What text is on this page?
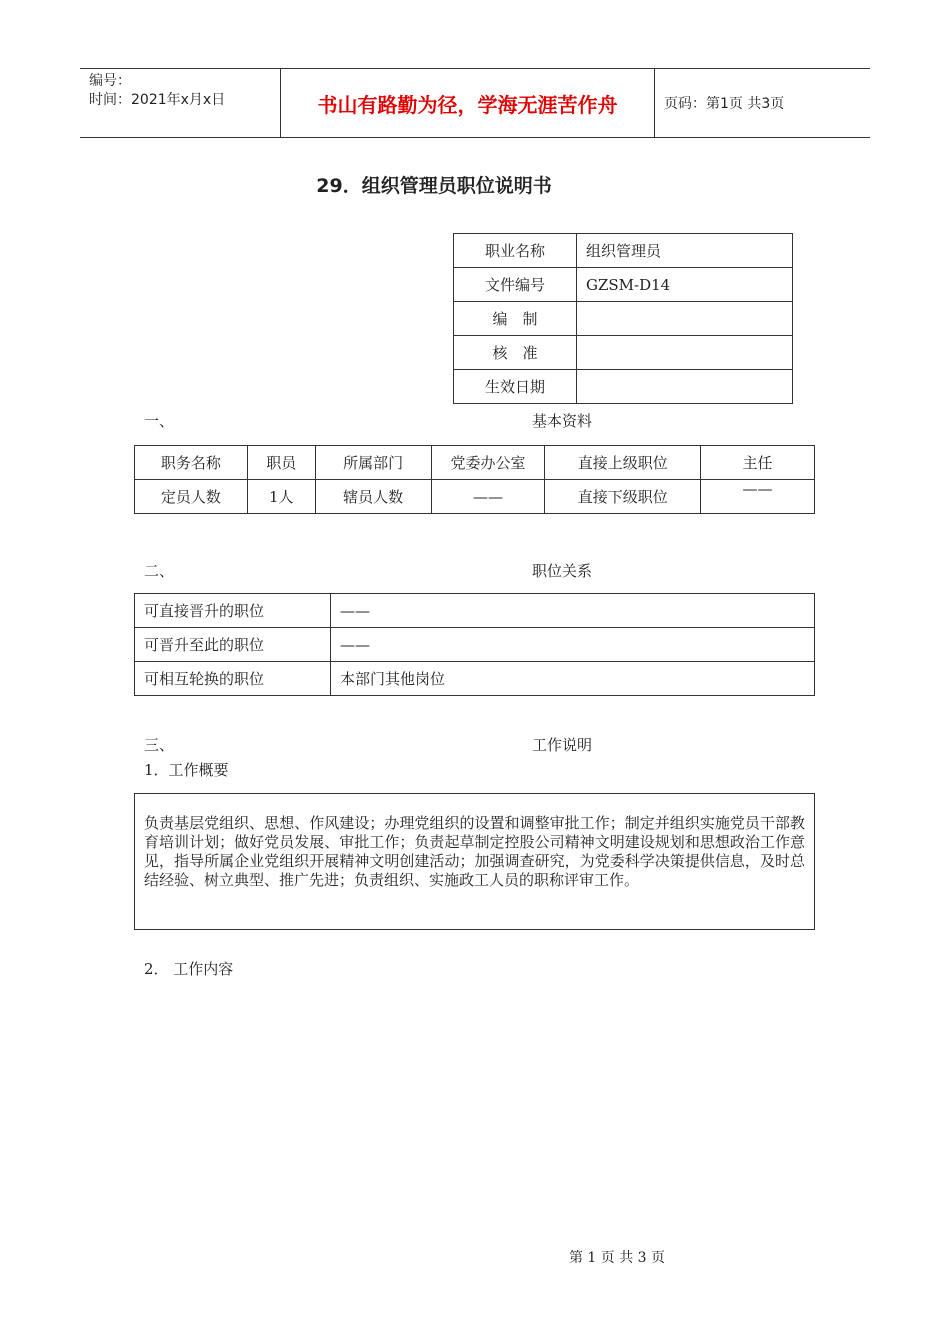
编号：
时间：2021年x月x日	书山有路勤为径，学海无涯苦作舟	页码：第1页 共3页
29．组织管理员职位说明书
职业名称	组织管理员
文件编号	GZSM-D14
编　制	
核　准	
生效日期	
一、	基本资料
职务名称	职员	所属部门	党委办公室	直接上级职位	主任
定员人数	1人	辖员人数	——	直接下级职位	——
二、	职位关系
可直接晋升的职位	——
可晋升至此的职位	——
可相互轮换的职位	本部门其他岗位
三、	工作说明
1．工作概要
负责基层党组织、思想、作风建设；办理党组织的设置和调整审批工作；制定并组织实施党员干部教育培训计划；做好党员发展、审批工作；负责起草制定控股公司精神文明建设规划和思想政治工作意见，指导所属企业党组织开展精神文明创建活动；加强调查研究，为党委科学决策提供信息，及时总结经验、树立典型、推广先进；负责组织、实施政工人员的职称评审工作。
2． 工作内容
第 1 页 共 3 页
